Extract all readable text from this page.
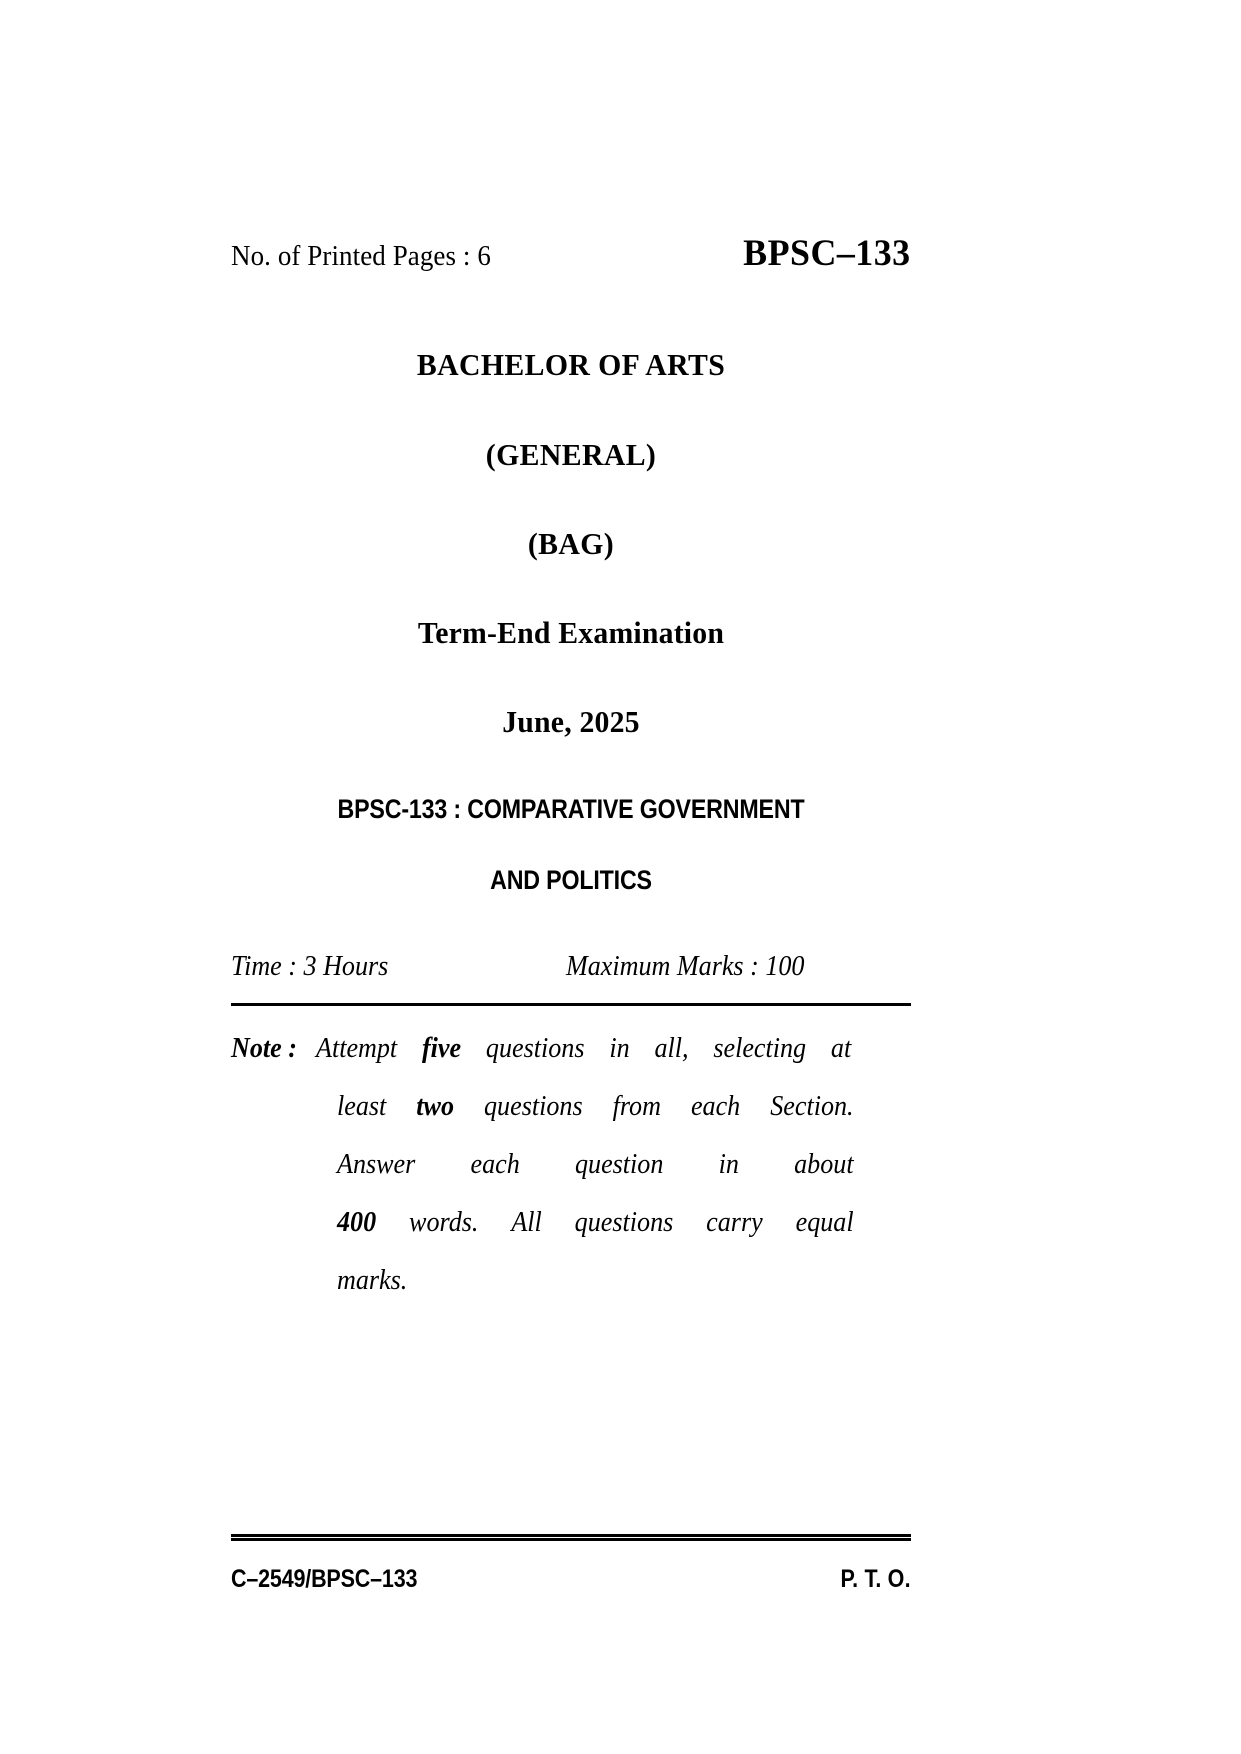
No. of Printed Pages : 6	BPSC–133
BACHELOR OF ARTS
(GENERAL)
(BAG)
Term-End Examination
June, 2025
BPSC-133 : COMPARATIVE GOVERNMENT
AND POLITICS
Time : 3 Hours	Maximum Marks : 100
Note : Attempt five questions in all, selecting at
least two questions from each Section.
Answer each question in about
400 words. All questions carry equal
marks.
C–2549/BPSC–133	P. T. O.
